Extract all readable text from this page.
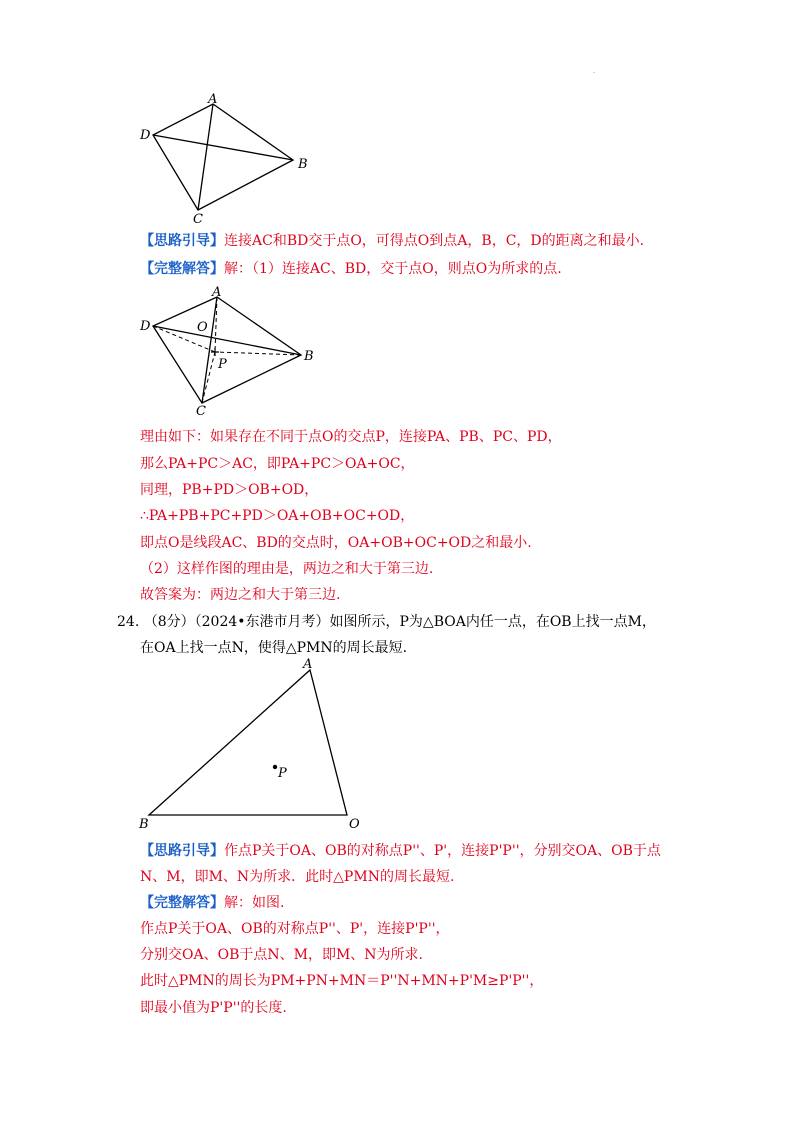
.
A
B
C
D
【思路引导】连接AC和BD交于点O，可得点O到点A，B，C，D的距离之和最小.
【完整解答】解：（1）连接AC、BD，交于点O，则点O为所求的点.
A
B
C
D	O
P
理由如下：如果存在不同于点O的交点P，连接PA、PB、PC、PD，
那么PA+PC＞AC，即PA+PC＞OA+OC，
同理，PB+PD＞OB+OD，
∴PA+PB+PC+PD＞OA+OB+OC+OD，
即点O是线段AC、BD的交点时，OA+OB+OC+OD之和最小.
（2）这样作图的理由是，两边之和大于第三边.
故答案为：两边之和大于第三边.
24. （8分）（2024•东港市月考）如图所示，P为△BOA内任一点，在OB上找一点M，
在OA上找一点N，使得△PMN的周长最短.
A
B	O
P
【思路引导】作点P关于OA、OB的对称点P''、P'，连接P'P''，分别交OA、OB于点
N、M，即M、N为所求．此时△PMN的周长最短.
【完整解答】解：如图.
作点P关于OA、OB的对称点P''、P'，连接P'P''，
分别交OA、OB于点N、M，即M、N为所求.
此时△PMN的周长为PM+PN+MN＝P''N+MN+P'M≥P'P''，
即最小值为P'P''的长度.
